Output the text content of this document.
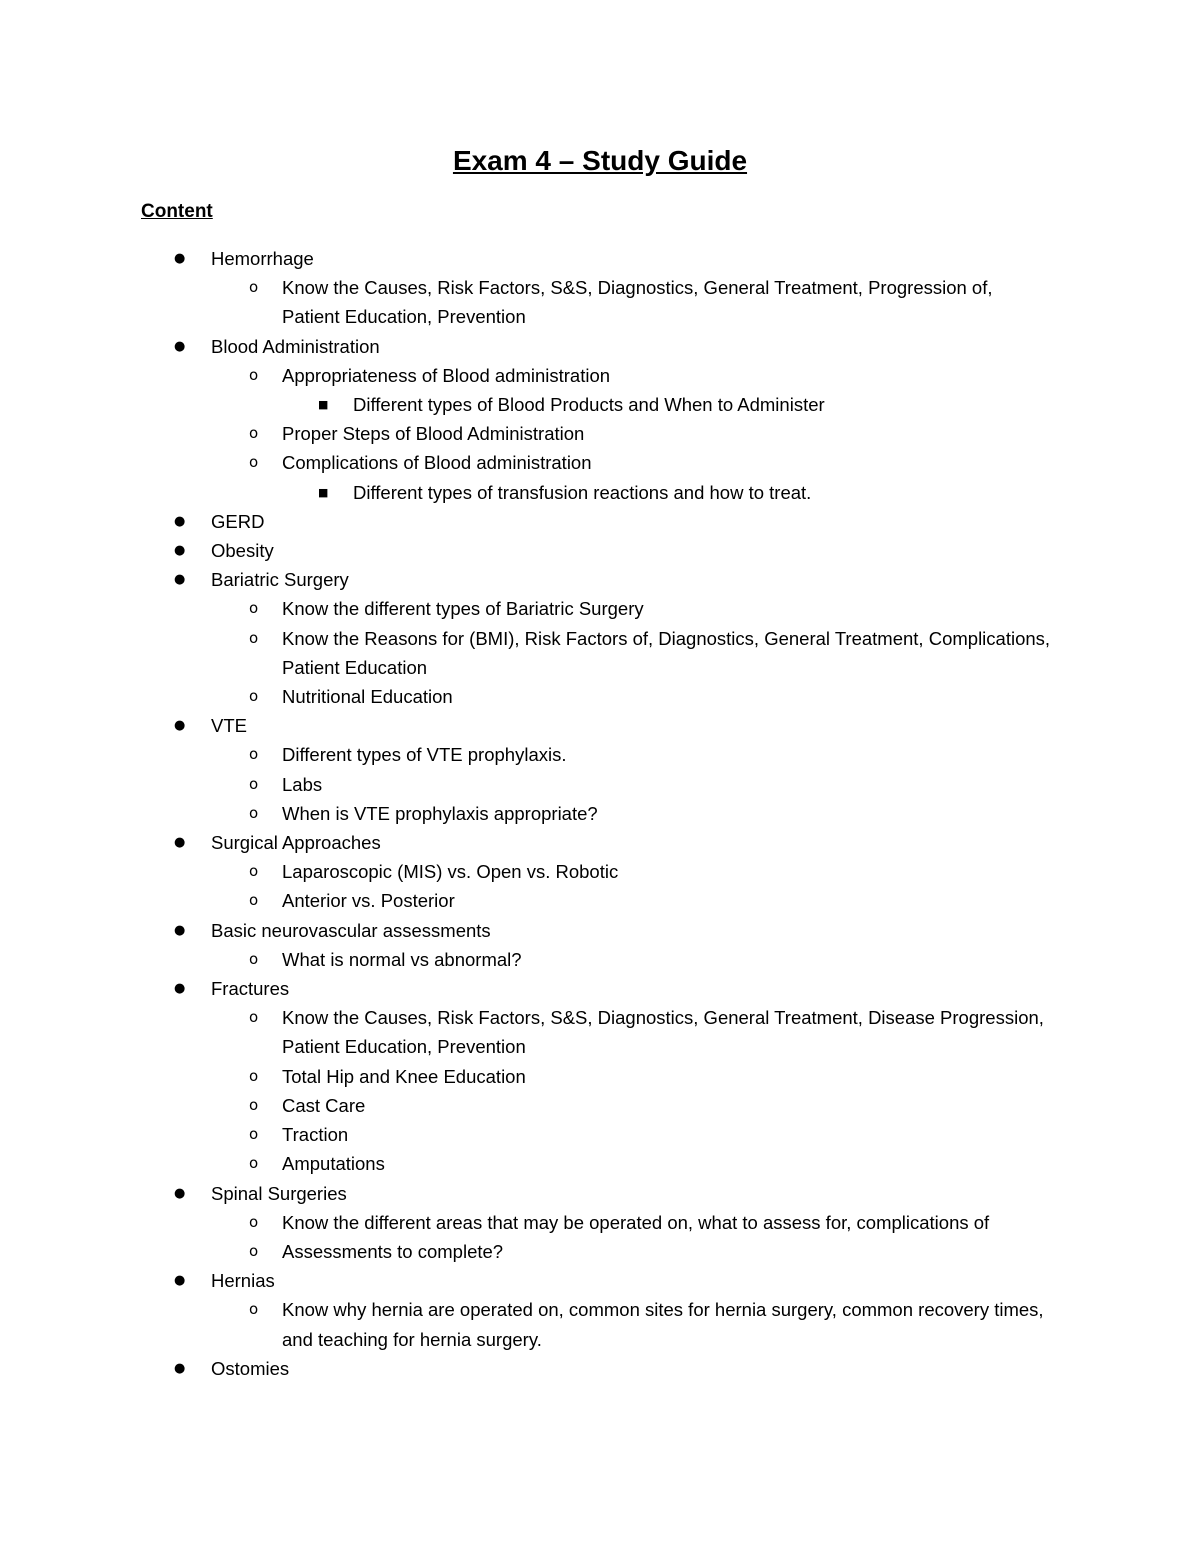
Exam 4 – Study Guide
Content
●	Hemorrhage
o	Know the Causes, Risk Factors, S&S, Diagnostics, General Treatment, Progression of, Patient Education, Prevention
●	Blood Administration
o	Appropriateness of Blood administration
■	Different types of Blood Products and When to Administer
o	Proper Steps of Blood Administration
o	Complications of Blood administration
■	Different types of transfusion reactions and how to treat.
●	GERD
●	Obesity
●	Bariatric Surgery
o	Know the different types of Bariatric Surgery
o	Know the Reasons for (BMI), Risk Factors of, Diagnostics, General Treatment, Complications, Patient Education
o	Nutritional Education
●	VTE
o	Different types of VTE prophylaxis.
o	Labs
o	When is VTE prophylaxis appropriate?
●	Surgical Approaches
o	Laparoscopic (MIS) vs. Open vs. Robotic
o	Anterior vs. Posterior
●	Basic neurovascular assessments
o	What is normal vs abnormal?
●	Fractures
o	Know the Causes, Risk Factors, S&S, Diagnostics, General Treatment, Disease Progression, Patient Education, Prevention
o	Total Hip and Knee Education
o	Cast Care
o	Traction
o	Amputations
●	Spinal Surgeries
o	Know the different areas that may be operated on, what to assess for, complications of
o	Assessments to complete?
●	Hernias
o	Know why hernia are operated on, common sites for hernia surgery, common recovery times, and teaching for hernia surgery.
●	Ostomies
